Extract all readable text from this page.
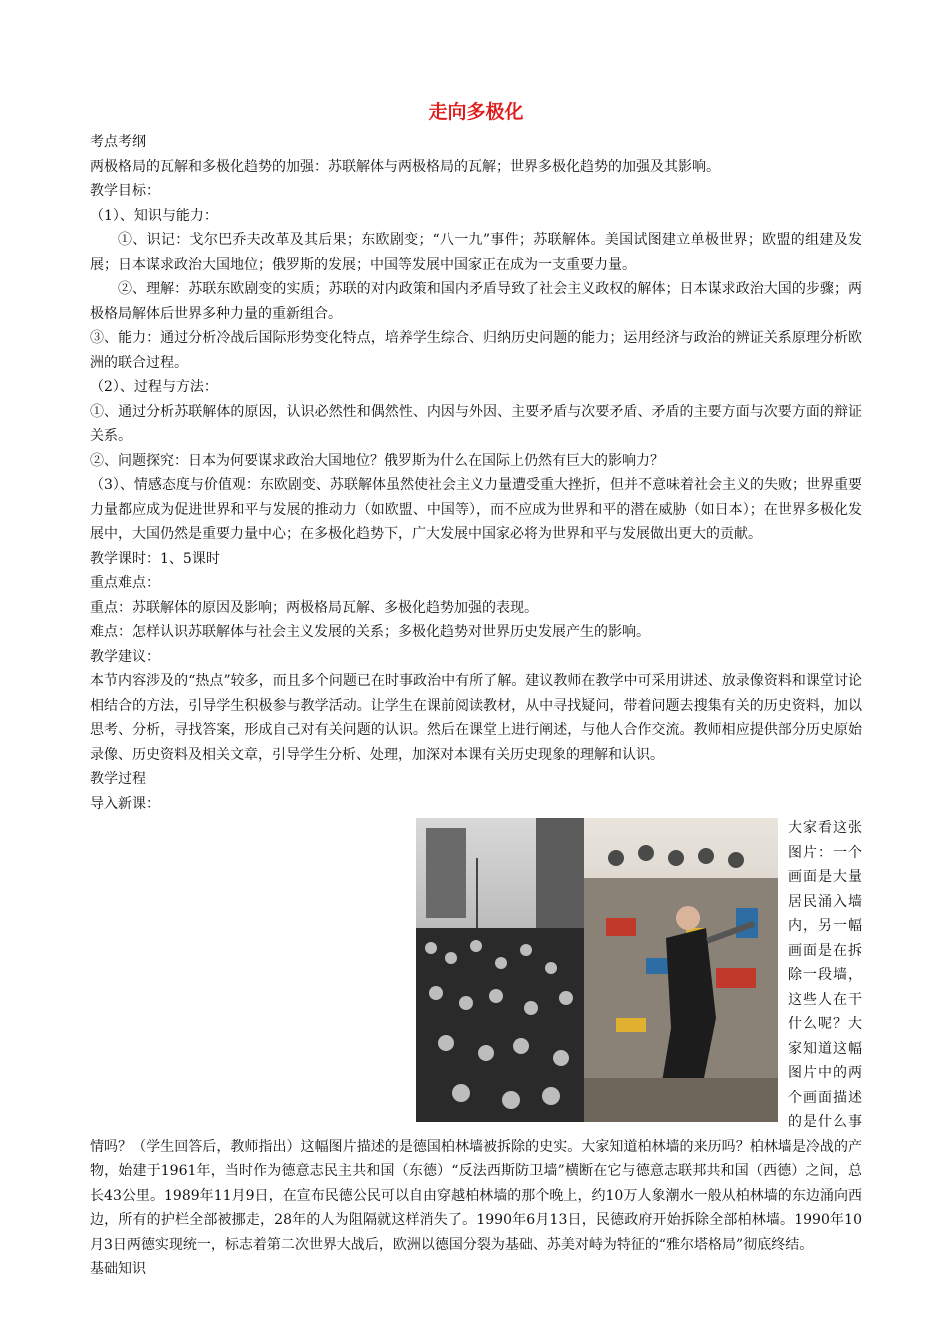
走向多极化

考点考纲

两极格局的瓦解和多极化趋势的加强：苏联解体与两极格局的瓦解；世界多极化趋势的加强及其影响。

教学目标：

（1）、知识与能力：

①、识记：戈尔巴乔夫改革及其后果；东欧剧变；“八一九”事件；苏联解体。美国试图建立单极世界；欧盟的组建及发展；日本谋求政治大国地位；俄罗斯的发展；中国等发展中国家正在成为一支重要力量。

②、理解：苏联东欧剧变的实质；苏联的对内政策和国内矛盾导致了社会主义政权的解体；日本谋求政治大国的步骤；两极格局解体后世界多种力量的重新组合。

③、能力：通过分析冷战后国际形势变化特点，培养学生综合、归纳历史问题的能力；运用经济与政治的辨证关系原理分析欧洲的联合过程。

（2）、过程与方法：

①、通过分析苏联解体的原因，认识必然性和偶然性、内因与外因、主要矛盾与次要矛盾、矛盾的主要方面与次要方面的辩证关系。

②、问题探究：日本为何要谋求政治大国地位？俄罗斯为什么在国际上仍然有巨大的影响力？

（3）、情感态度与价值观：东欧剧变、苏联解体虽然使社会主义力量遭受重大挫折，但并不意味着社会主义的失败；世界重要力量都应成为促进世界和平与发展的推动力（如欧盟、中国等），而不应成为世界和平的潜在威胁（如日本）；在世界多极化发展中，大国仍然是重要力量中心；在多极化趋势下，广大发展中国家必将为世界和平与发展做出更大的贡献。

教学课时：1、5课时

重点难点：

重点：苏联解体的原因及影响；两极格局瓦解、多极化趋势加强的表现。

难点：怎样认识苏联解体与社会主义发展的关系；多极化趋势对世界历史发展产生的影响。

教学建议：

本节内容涉及的“热点”较多，而且多个问题已在时事政治中有所了解。建议教师在教学中可采用讲述、放录像资料和课堂讨论相结合的方法，引导学生积极参与教学活动。让学生在课前阅读教材，从中寻找疑问，带着问题去搜集有关的历史资料，加以思考、分析，寻找答案，形成自己对有关问题的认识。然后在课堂上进行阐述，与他人合作交流。教师相应提供部分历史原始录像、历史资料及相关文章，引导学生分析、处理，加深对本课有关历史现象的理解和认识。

教学过程

导入新课：

大家看这张图片：一个画面是大量居民涌入墙内，另一幅画面是在拆除一段墙，这些人在干什么呢？大家知道这幅图片中的两个画面描述的是什么事情吗？（学生回答后，教师指出）这幅图片描述的是德国柏林墙被拆除的史实。大家知道柏林墙的来历吗？柏林墙是冷战的产物，始建于1961年，当时作为德意志民主共和国（东德）“反法西斯防卫墙”横断在它与德意志联邦共和国（西德）之间，总长43公里。1989年11月9日，在宣布民德公民可以自由穿越柏林墙的那个晚上，约10万人象潮水一般从柏林墙的东边涌向西边，所有的护栏全部被挪走，28年的人为阻隔就这样消失了。1990年6月13日，民德政府开始拆除全部柏林墙。1990年10月3日两德实现统一，标志着第二次世界大战后，欧洲以德国分裂为基础、苏美对峙为特征的“雅尔塔格局”彻底终结。

基础知识
